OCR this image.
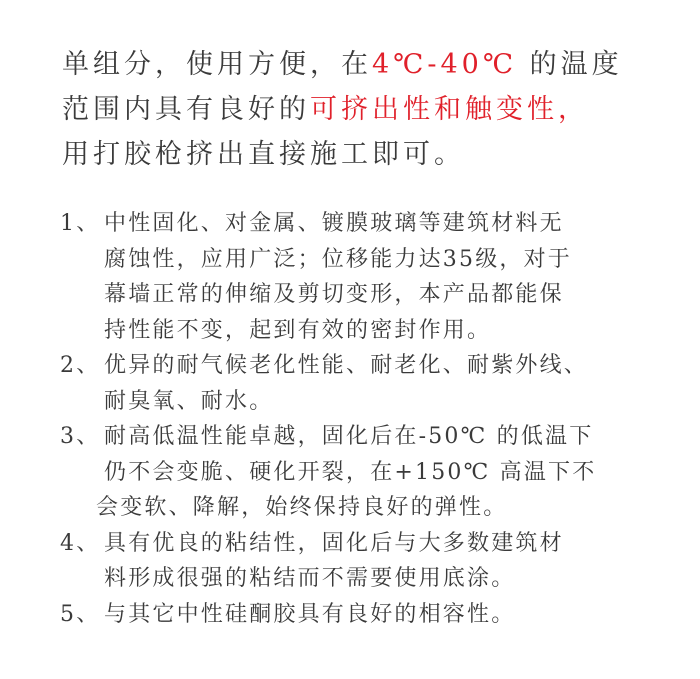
单组分，使用方便，在4℃-40℃ 的温度
范围内具有良好的可挤出性和触变性，
用打胶枪挤出直接施工即可。
1、 中性固化、对金属、镀膜玻璃等建筑材料无
腐蚀性，应用广泛；位移能力达35级，对于
幕墙正常的伸缩及剪切变形，本产品都能保
持性能不变，起到有效的密封作用。
2、 优异的耐气候老化性能、耐老化、耐紫外线、
耐臭氧、耐水。
3、 耐高低温性能卓越，固化后在-50℃ 的低温下
仍不会变脆、硬化开裂，在+150℃ 高温下不
会变软、降解，始终保持良好的弹性。
4、 具有优良的粘结性，固化后与大多数建筑材
料形成很强的粘结而不需要使用底涂。
5、 与其它中性硅酮胶具有良好的相容性。
